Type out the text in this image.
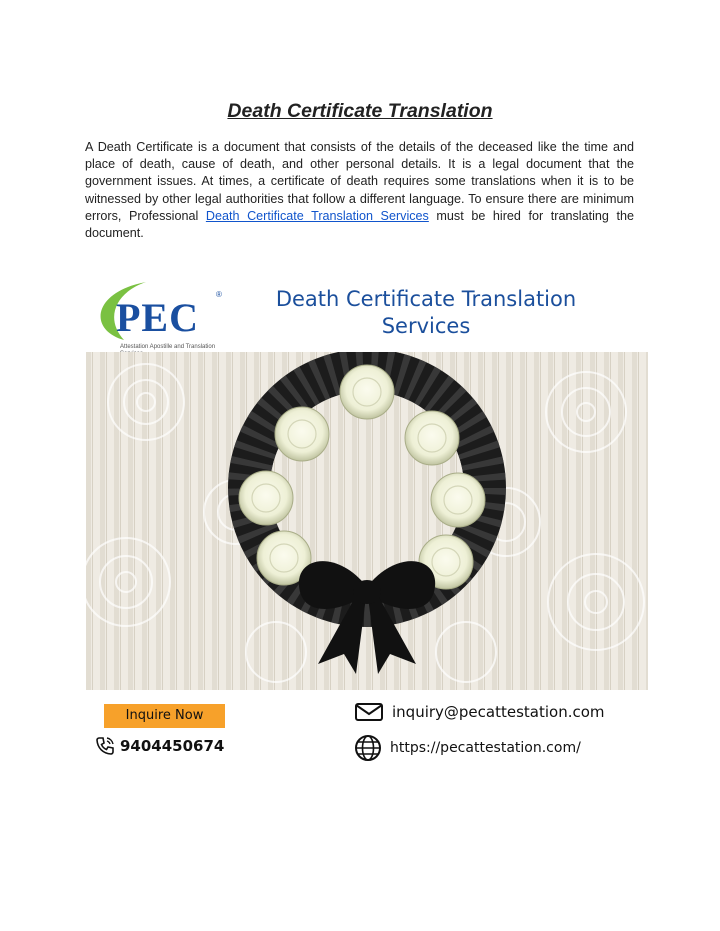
Death Certificate Translation

A Death Certificate is a document that consists of the details of the deceased like the time and place of death, cause of death, and other personal details. It is a legal document that the government issues. At times, a certificate of death requires some translations when it is to be witnessed by other legal authorities that follow a different language. To ensure there are minimum errors, Professional Death Certificate Translation Services must be hired for translating the document.

PEC
®
Attestation Apostille and Translation
Death Certificate Translation
Services
Inquire Now
9404450674
inquiry@pecattestation.com
https://pecattestation.com/
